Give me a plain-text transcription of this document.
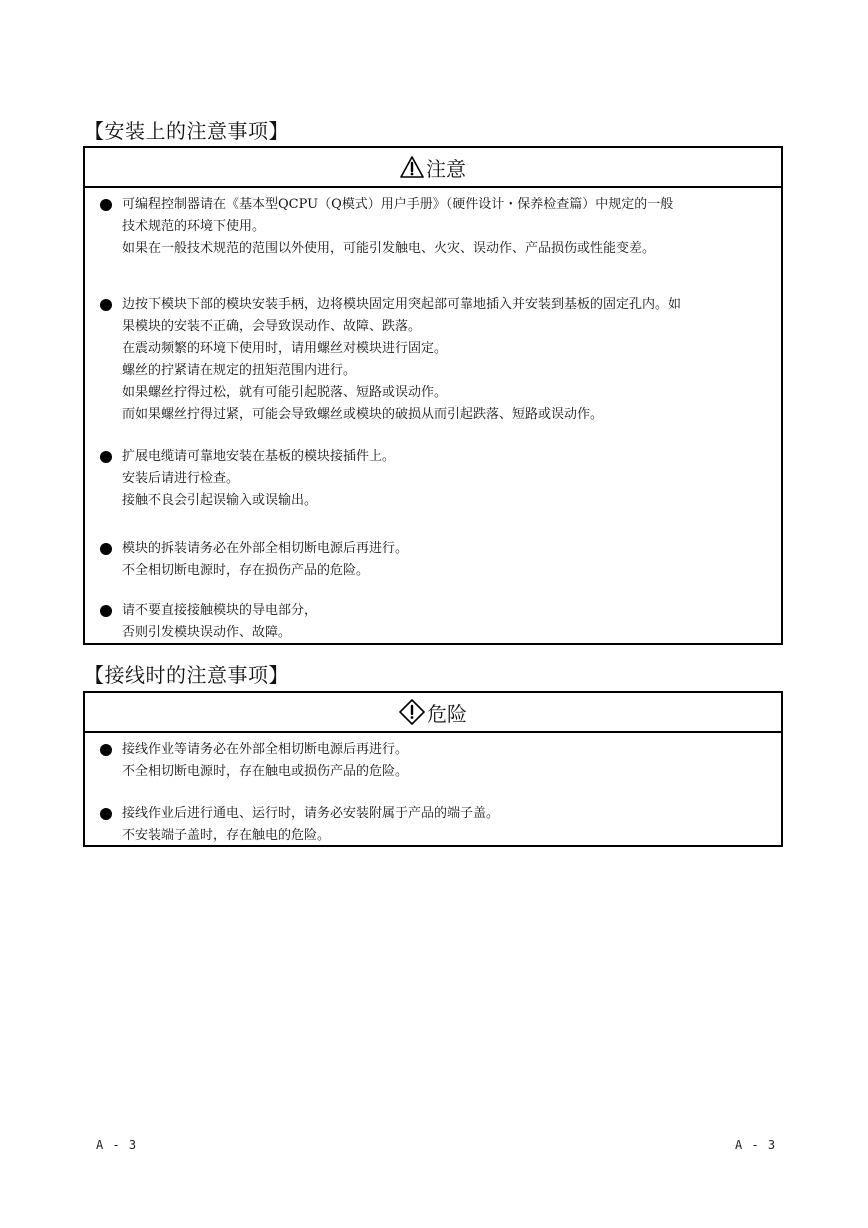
【安装上的注意事项】
注意

可编程控制器请在《基本型QCPU（Q模式）用户手册》（硬件设计・保养检查篇）中规定的一般

技术规范的环境下使用。

如果在一般技术规范的范围以外使用，可能引发触电、火灾、误动作、产品损伤或性能变差。

边按下模块下部的模块安装手柄，边将模块固定用突起部可靠地插入并安装到基板的固定孔内。如

果模块的安装不正确，会导致误动作、故障、跌落。

在震动频繁的环境下使用时，请用螺丝对模块进行固定。

螺丝的拧紧请在规定的扭矩范围内进行。

如果螺丝拧得过松，就有可能引起脱落、短路或误动作。

而如果螺丝拧得过紧，可能会导致螺丝或模块的破损从而引起跌落、短路或误动作。

扩展电缆请可靠地安装在基板的模块接插件上。

安装后请进行检查。

接触不良会引起误输入或误输出。

模块的拆装请务必在外部全相切断电源后再进行。

不全相切断电源时，存在损伤产品的危险。

请不要直接接触模块的导电部分，

否则引发模块误动作、故障。

【接线时的注意事项】
危险

接线作业等请务必在外部全相切断电源后再进行。

不全相切断电源时，存在触电或损伤产品的危险。

接线作业后进行通电、运行时，请务必安装附属于产品的端子盖。

不安装端子盖时，存在触电的危险。

A - 3	A - 3
